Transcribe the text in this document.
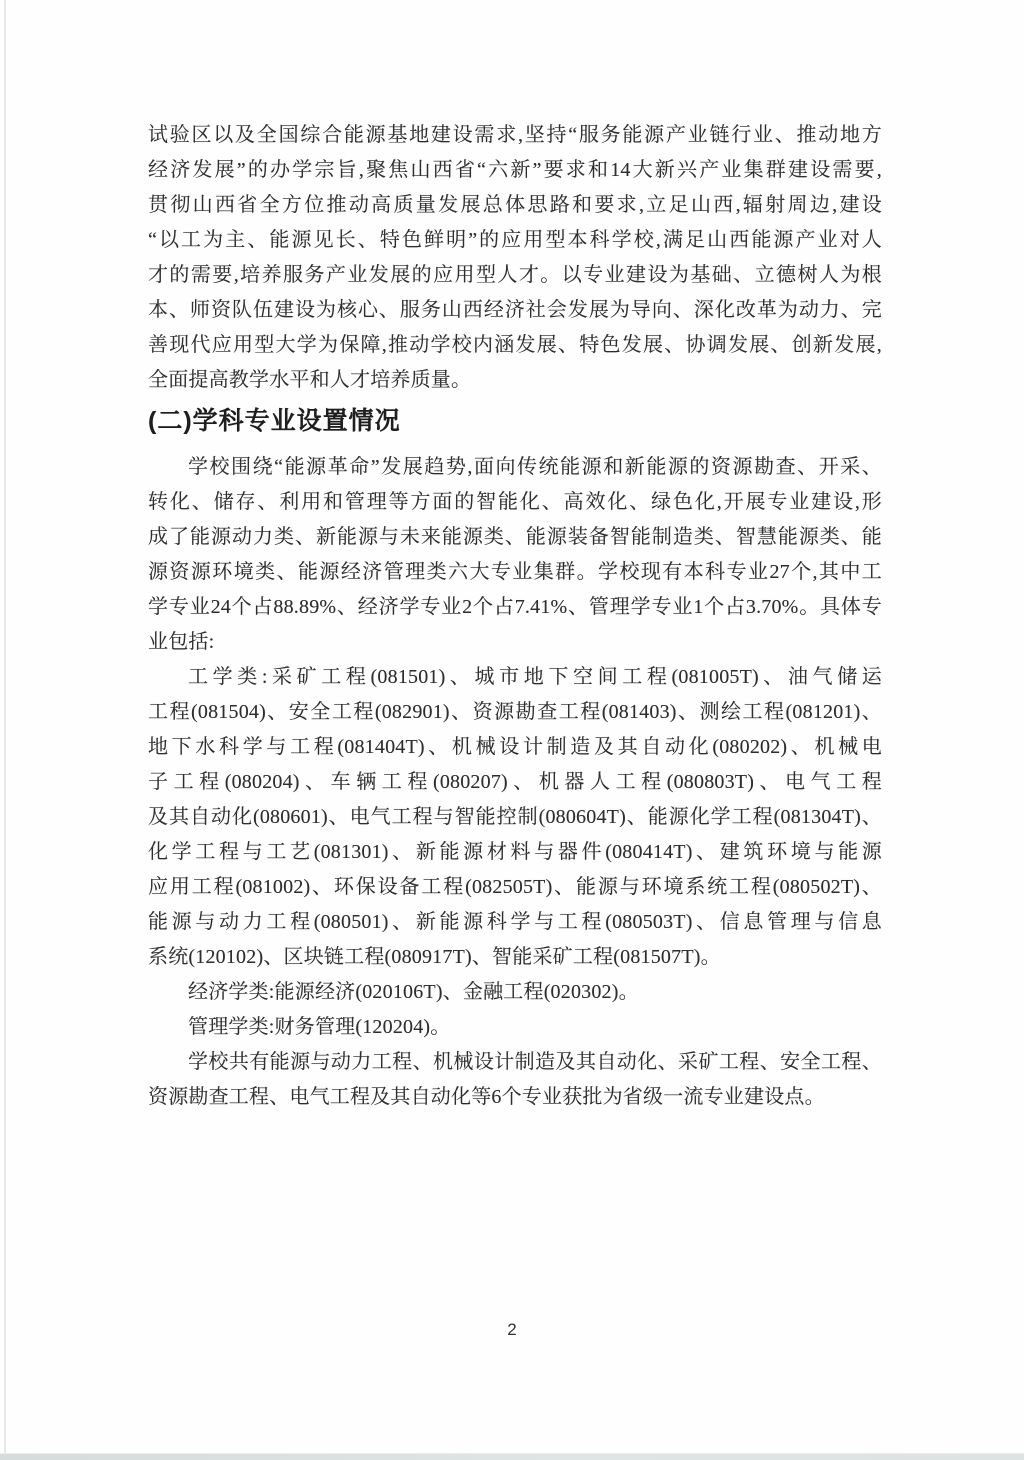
试验区以及全国综合能源基地建设需求,坚持“服务能源产业链行业、推动地方
经济发展”的办学宗旨,聚焦山西省“六新”要求和14大新兴产业集群建设需要,
贯彻山西省全方位推动高质量发展总体思路和要求,立足山西,辐射周边,建设
“以工为主、能源见长、特色鲜明”的应用型本科学校,满足山西能源产业对人
才的需要,培养服务产业发展的应用型人才。以专业建设为基础、立德树人为根
本、师资队伍建设为核心、服务山西经济社会发展为导向、深化改革为动力、完
善现代应用型大学为保障,推动学校内涵发展、特色发展、协调发展、创新发展,
全面提高教学水平和人才培养质量。
(二)学科专业设置情况
学校围绕“能源革命”发展趋势,面向传统能源和新能源的资源勘查、开采、
转化、储存、利用和管理等方面的智能化、高效化、绿色化,开展专业建设,形
成了能源动力类、新能源与未来能源类、能源装备智能制造类、智慧能源类、能
源资源环境类、能源经济管理类六大专业集群。学校现有本科专业27个,其中工
学专业24个占88.89%、经济学专业2个占7.41%、管理学专业1个占3.70%。具体专
业包括:
工学类:采矿工程(081501)、城市地下空间工程(081005T)、油气储运
工程(081504)、安全工程(082901)、资源勘查工程(081403)、测绘工程(081201)、
地下水科学与工程(081404T)、机械设计制造及其自动化(080202)、机械电
子工程(080204)、车辆工程(080207)、机器人工程(080803T)、电气工程
及其自动化(080601)、电气工程与智能控制(080604T)、能源化学工程(081304T)、
化学工程与工艺(081301)、新能源材料与器件(080414T)、建筑环境与能源
应用工程(081002)、环保设备工程(082505T)、能源与环境系统工程(080502T)、
能源与动力工程(080501)、新能源科学与工程(080503T)、信息管理与信息
系统(120102)、区块链工程(080917T)、智能采矿工程(081507T)。
经济学类:能源经济(020106T)、金融工程(020302)。
管理学类:财务管理(120204)。
学校共有能源与动力工程、机械设计制造及其自动化、采矿工程、安全工程、
资源勘查工程、电气工程及其自动化等6个专业获批为省级一流专业建设点。
2
